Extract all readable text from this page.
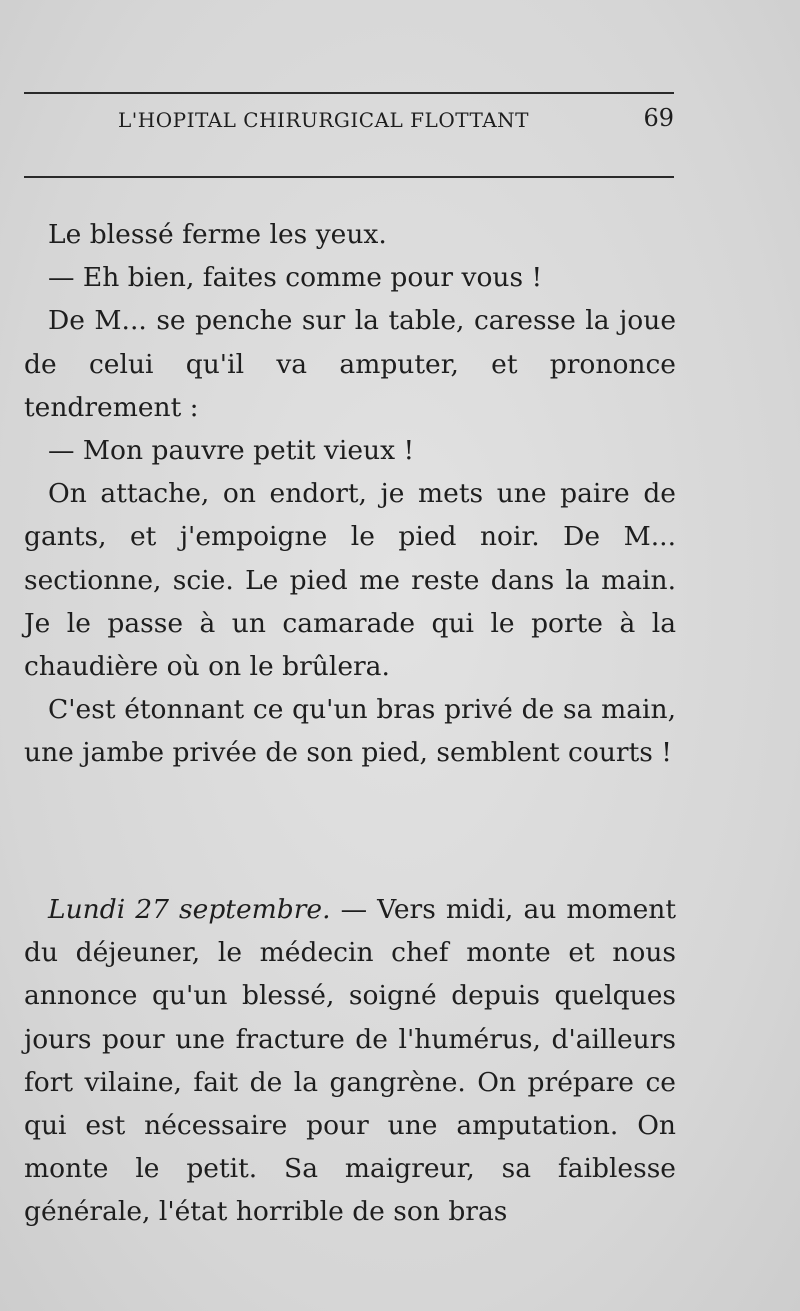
L'HOPITAL CHIRURGICAL FLOTTANT	69

Le blessé ferme les yeux.

— Eh bien, faites comme pour vous !

De M... se penche sur la table, caresse la joue de celui qu'il va amputer, et prononce tendrement :

— Mon pauvre petit vieux !

On attache, on endort, je mets une paire de gants, et j'empoigne le pied noir. De M... sectionne, scie. Le pied me reste dans la main. Je le passe à un camarade qui le porte à la chaudière où on le brûlera.

C'est étonnant ce qu'un bras privé de sa main, une jambe privée de son pied, semblent courts !

Lundi 27 septembre. — Vers midi, au moment du déjeuner, le médecin chef monte et nous annonce qu'un blessé, soigné depuis quelques jours pour une fracture de l'humérus, d'ailleurs fort vilaine, fait de la gangrène. On prépare ce qui est nécessaire pour une amputation. On monte le petit. Sa maigreur, sa faiblesse générale, l'état horrible de son bras
